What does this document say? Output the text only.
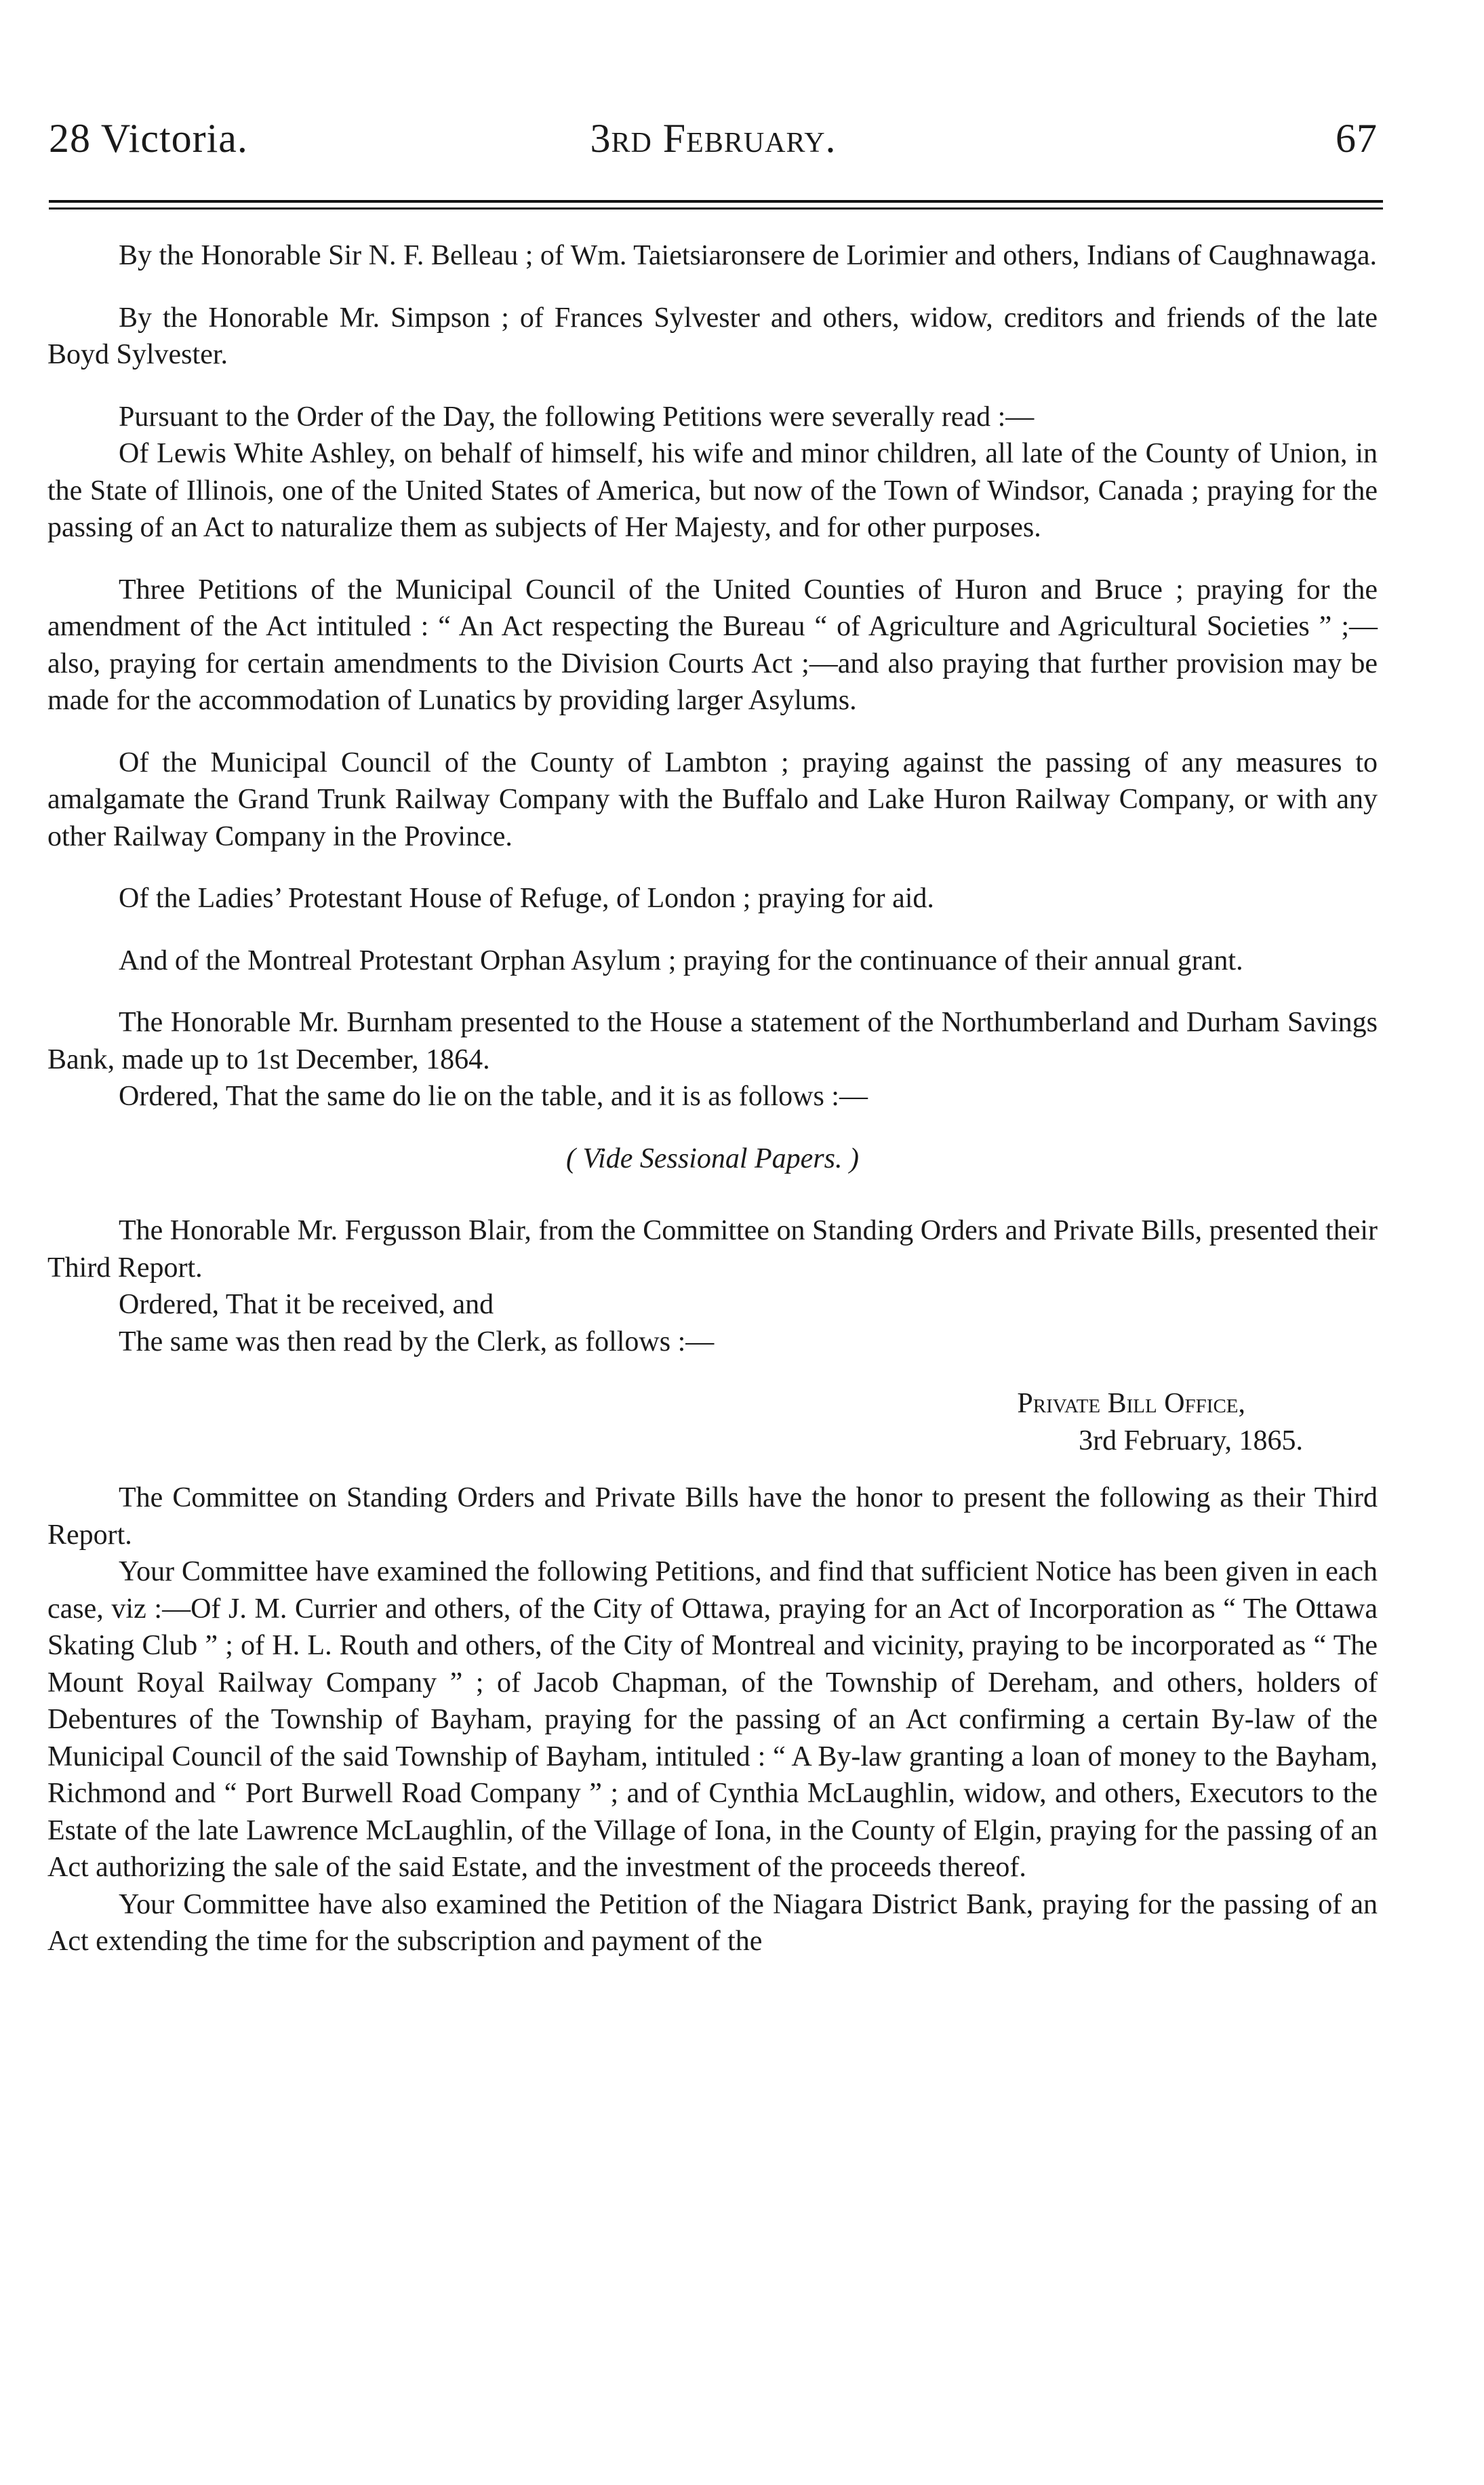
28 Victoria.	3rd February.	67

By the Honorable Sir N. F. Belleau ; of Wm. Taietsiaronsere de Lorimier and others, Indians of Caughnawaga.

By the Honorable Mr. Simpson ; of Frances Sylvester and others, widow, creditors and friends of the late Boyd Sylvester.

Pursuant to the Order of the Day, the following Petitions were severally read :—

Of Lewis White Ashley, on behalf of himself, his wife and minor children, all late of the County of Union, in the State of Illinois, one of the United States of America, but now of the Town of Windsor, Canada ; praying for the passing of an Act to naturalize them as subjects of Her Majesty, and for other purposes.

Three Petitions of the Municipal Council of the United Counties of Huron and Bruce ; praying for the amendment of the Act intituled : “ An Act respecting the Bureau “ of Agriculture and Agricultural Societies ” ;—also, praying for certain amendments to the Division Courts Act ;—and also praying that further provision may be made for the accommodation of Lunatics by providing larger Asylums.

Of the Municipal Council of the County of Lambton ; praying against the passing of any measures to amalgamate the Grand Trunk Railway Company with the Buffalo and Lake Huron Railway Company, or with any other Railway Company in the Province.

Of the Ladies’ Protestant House of Refuge, of London ; praying for aid.

And of the Montreal Protestant Orphan Asylum ; praying for the continuance of their annual grant.

The Honorable Mr. Burnham presented to the House a statement of the Northumberland and Durham Savings Bank, made up to 1st December, 1864.

Ordered, That the same do lie on the table, and it is as follows :—

( Vide Sessional Papers. )

The Honorable Mr. Fergusson Blair, from the Committee on Standing Orders and Private Bills, presented their Third Report.

Ordered, That it be received, and

The same was then read by the Clerk, as follows :—

Private Bill Office,
3rd February, 1865.

The Committee on Standing Orders and Private Bills have the honor to present the following as their Third Report.

Your Committee have examined the following Petitions, and find that sufficient Notice has been given in each case, viz :—Of J. M. Currier and others, of the City of Ottawa, praying for an Act of Incorporation as “ The Ottawa Skating Club ” ; of H. L. Routh and others, of the City of Montreal and vicinity, praying to be incorporated as “ The Mount Royal Railway Company ” ; of Jacob Chapman, of the Township of Dereham, and others, holders of Debentures of the Township of Bayham, praying for the passing of an Act confirming a certain By-law of the Municipal Council of the said Township of Bayham, intituled : “ A By-law granting a loan of money to the Bayham, Richmond and “ Port Burwell Road Company ” ; and of Cynthia McLaughlin, widow, and others, Executors to the Estate of the late Lawrence McLaughlin, of the Village of Iona, in the County of Elgin, praying for the passing of an Act authorizing the sale of the said Estate, and the investment of the proceeds thereof.

Your Committee have also examined the Petition of the Niagara District Bank, praying for the passing of an Act extending the time for the subscription and payment of the
